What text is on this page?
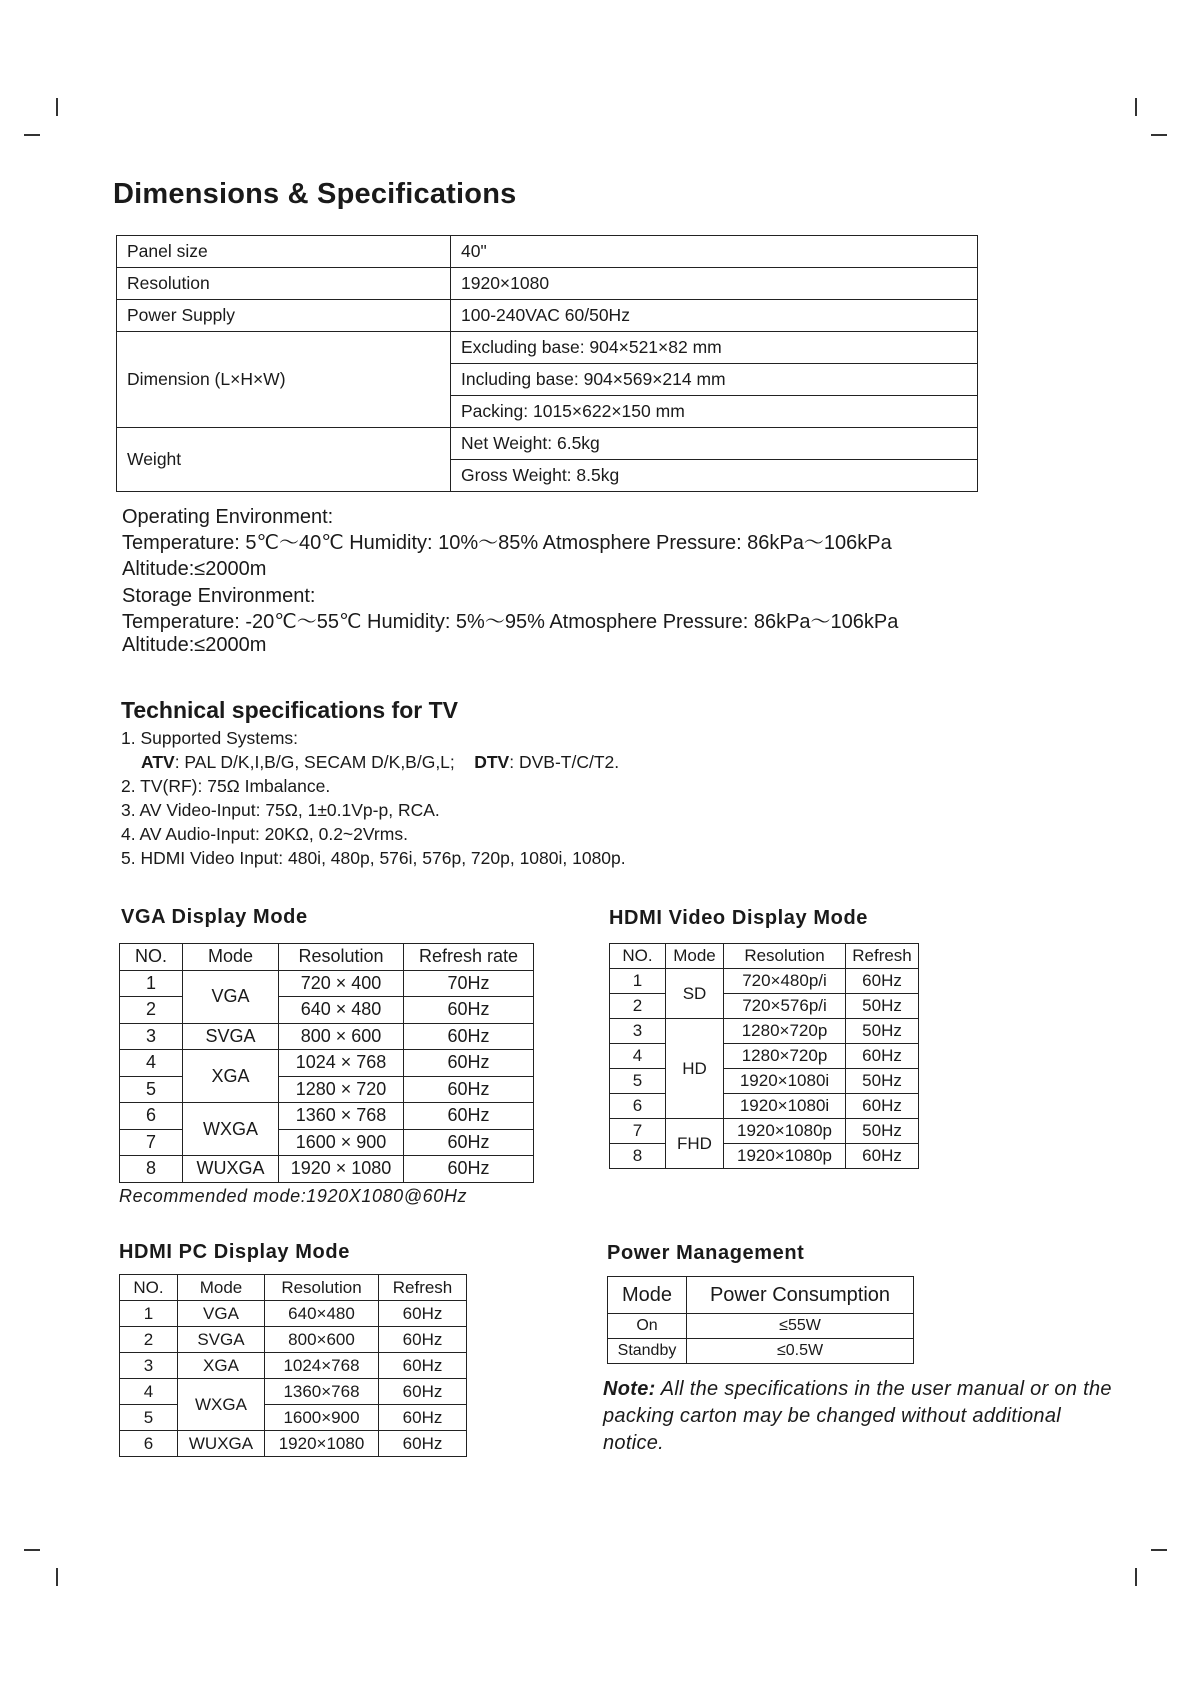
Dimensions & Specifications
Panel size	40"
Resolution	1920×1080
Power Supply	100-240VAC 60/50Hz
Dimension (L×H×W)	Excluding base: 904×521×82 mm
	Including base: 904×569×214 mm
	Packing: 1015×622×150 mm
Weight	Net Weight: 6.5kg
	Gross Weight: 8.5kg
Operating Environment:
Temperature: 5℃～40℃ Humidity: 10%～85% Atmosphere Pressure: 86kPa～106kPa
Altitude:≤2000m
Storage Environment:
Temperature: -20℃～55℃ Humidity: 5%～95% Atmosphere Pressure: 86kPa～106kPa
Altitude:≤2000m
Technical specifications for TV
1. Supported Systems:
ATV: PAL D/K,I,B/G, SECAM D/K,B/G,L; DTV: DVB-T/C/T2.
2. TV(RF): 75Ω Imbalance.
3. AV Video-Input: 75Ω, 1±0.1Vp-p, RCA.
4. AV Audio-Input: 20KΩ, 0.2~2Vrms.
5. HDMI Video Input: 480i, 480p, 576i, 576p, 720p, 1080i, 1080p.
VGA Display Mode
NO.	Mode	Resolution	Refresh rate
1	VGA	720 × 400	70Hz
2		640 × 480	60Hz
3	SVGA	800 × 600	60Hz
4	XGA	1024 × 768	60Hz
5		1280 × 720	60Hz
6	WXGA	1360 × 768	60Hz
7		1600 × 900	60Hz
8	WUXGA	1920 × 1080	60Hz
Recommended mode:1920X1080@60Hz
HDMI Video Display Mode
NO.	Mode	Resolution	Refresh
1	SD	720×480p/i	60Hz
2		720×576p/i	50Hz
3	HD	1280×720p	50Hz
4		1280×720p	60Hz
5		1920×1080i	50Hz
6		1920×1080i	60Hz
7	FHD	1920×1080p	50Hz
8		1920×1080p	60Hz
HDMI PC Display Mode
NO.	Mode	Resolution	Refresh
1	VGA	640×480	60Hz
2	SVGA	800×600	60Hz
3	XGA	1024×768	60Hz
4	WXGA	1360×768	60Hz
5		1600×900	60Hz
6	WUXGA	1920×1080	60Hz
Power Management
Mode	Power Consumption
On	≤55W
Standby	≤0.5W
Note: All the specifications in the user manual or on the packing carton may be changed without additional notice.
